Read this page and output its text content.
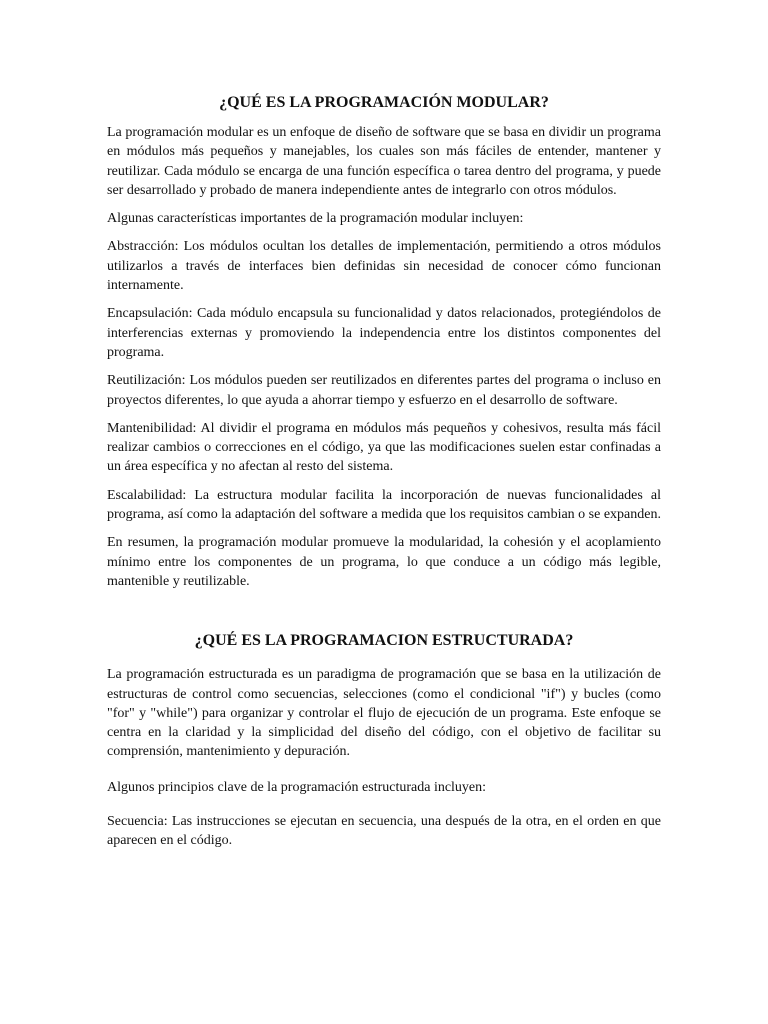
¿QUÉ ES LA PROGRAMACIÓN MODULAR?

La programación modular es un enfoque de diseño de software que se basa en dividir un programa en módulos más pequeños y manejables, los cuales son más fáciles de entender, mantener y reutilizar. Cada módulo se encarga de una función específica o tarea dentro del programa, y puede ser desarrollado y probado de manera independiente antes de integrarlo con otros módulos.

Algunas características importantes de la programación modular incluyen:

Abstracción: Los módulos ocultan los detalles de implementación, permitiendo a otros módulos utilizarlos a través de interfaces bien definidas sin necesidad de conocer cómo funcionan internamente.

Encapsulación: Cada módulo encapsula su funcionalidad y datos relacionados, protegiéndolos de interferencias externas y promoviendo la independencia entre los distintos componentes del programa.

Reutilización: Los módulos pueden ser reutilizados en diferentes partes del programa o incluso en proyectos diferentes, lo que ayuda a ahorrar tiempo y esfuerzo en el desarrollo de software.

Mantenibilidad: Al dividir el programa en módulos más pequeños y cohesivos, resulta más fácil realizar cambios o correcciones en el código, ya que las modificaciones suelen estar confinadas a un área específica y no afectan al resto del sistema.

Escalabilidad: La estructura modular facilita la incorporación de nuevas funcionalidades al programa, así como la adaptación del software a medida que los requisitos cambian o se expanden.

En resumen, la programación modular promueve la modularidad, la cohesión y el acoplamiento mínimo entre los componentes de un programa, lo que conduce a un código más legible, mantenible y reutilizable.

¿QUÉ ES LA PROGRAMACION ESTRUCTURADA?

La programación estructurada es un paradigma de programación que se basa en la utilización de estructuras de control como secuencias, selecciones (como el condicional "if") y bucles (como "for" y "while") para organizar y controlar el flujo de ejecución de un programa. Este enfoque se centra en la claridad y la simplicidad del diseño del código, con el objetivo de facilitar su comprensión, mantenimiento y depuración.

Algunos principios clave de la programación estructurada incluyen:

Secuencia: Las instrucciones se ejecutan en secuencia, una después de la otra, en el orden en que aparecen en el código.
